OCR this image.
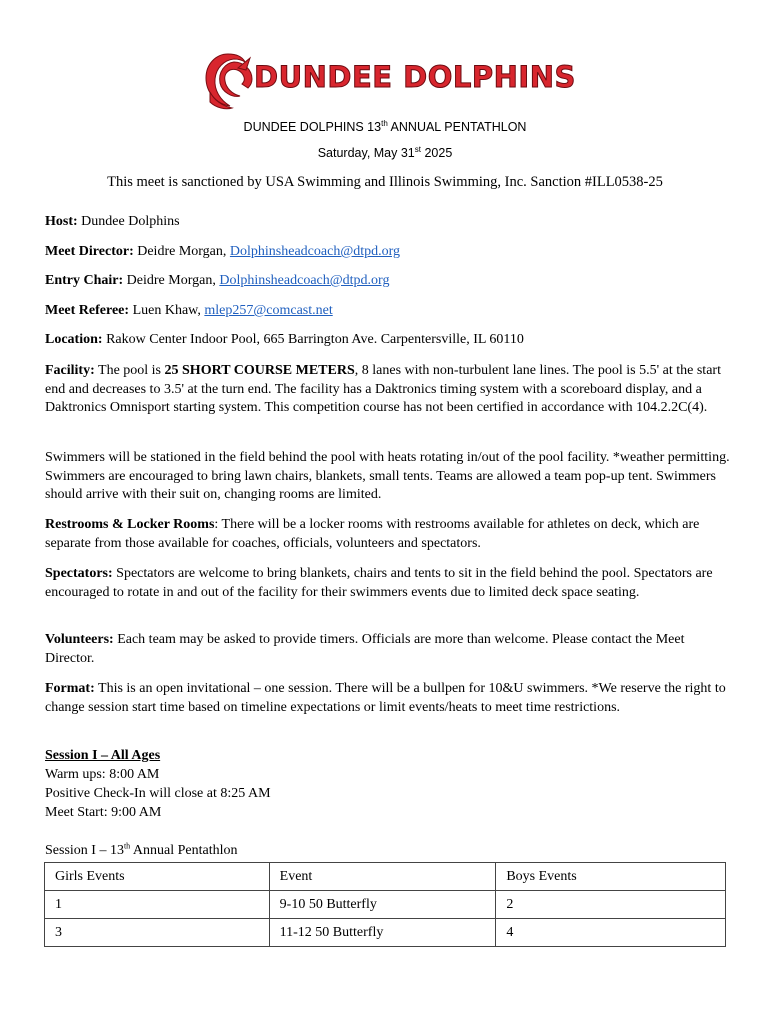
DUNDEE DOLPHINS
DUNDEE DOLPHINS 13th ANNUAL PENTATHLON
Saturday, May 31st 2025
This meet is sanctioned by USA Swimming and Illinois Swimming, Inc. Sanction #ILL0538-25
Host: Dundee Dolphins
Meet Director: Deidre Morgan, Dolphinsheadcoach@dtpd.org
Entry Chair: Deidre Morgan, Dolphinsheadcoach@dtpd.org
Meet Referee: Luen Khaw, mlep257@comcast.net
Location: Rakow Center Indoor Pool, 665 Barrington Ave. Carpentersville, IL 60110
Facility: The pool is 25 SHORT COURSE METERS, 8 lanes with non-turbulent lane lines. The pool is 5.5' at the start end and decreases to 3.5' at the turn end. The facility has a Daktronics timing system with a scoreboard display, and a Daktronics Omnisport starting system. This competition course has not been certified in accordance with 104.2.2C(4).
Swimmers will be stationed in the field behind the pool with heats rotating in/out of the pool facility. *weather permitting. Swimmers are encouraged to bring lawn chairs, blankets, small tents. Teams are allowed a team pop-up tent. Swimmers should arrive with their suit on, changing rooms are limited.
Restrooms & Locker Rooms: There will be a locker rooms with restrooms available for athletes on deck, which are separate from those available for coaches, officials, volunteers and spectators.
Spectators: Spectators are welcome to bring blankets, chairs and tents to sit in the field behind the pool. Spectators are encouraged to rotate in and out of the facility for their swimmers events due to limited deck space seating.
Volunteers: Each team may be asked to provide timers. Officials are more than welcome. Please contact the Meet Director.
Format: This is an open invitational – one session. There will be a bullpen for 10&U swimmers. *We reserve the right to change session start time based on timeline expectations or limit events/heats to meet time restrictions.
Session I – All Ages
Warm ups: 8:00 AM
Positive Check-In will close at 8:25 AM
Meet Start: 9:00 AM
Session I – 13th Annual Pentathlon
Girls Events	Event	Boys Events
1	9-10 50 Butterfly	2
3	11-12 50 Butterfly	4
